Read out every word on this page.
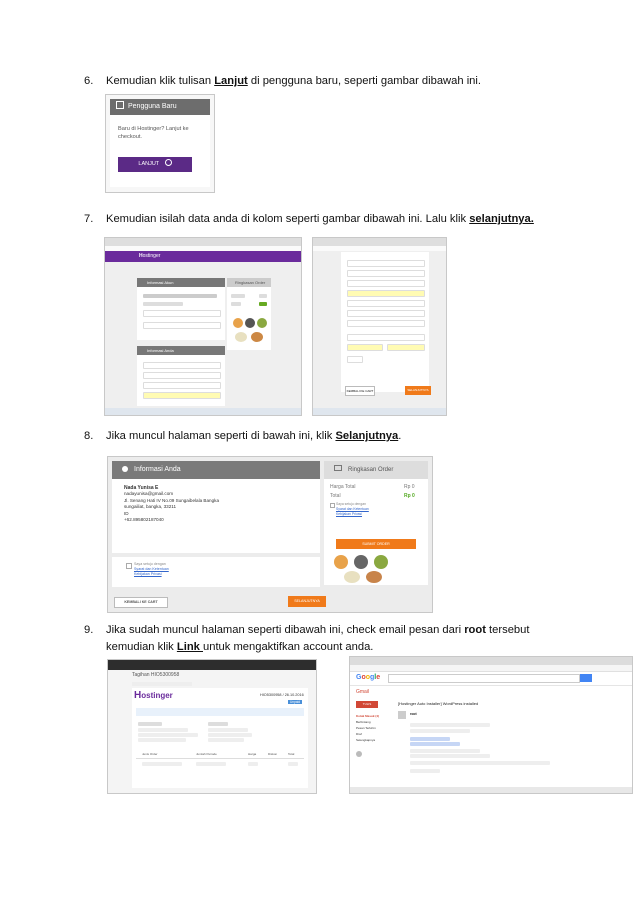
6.	Kemudian klik tulisan Lanjut di pengguna baru, seperti gambar dibawah ini.
Pengguna Baru
Baru di Hostinger? Lanjut ke
checkout.
LANJUT
7.	Kemudian isilah data anda di kolom seperti gambar dibawah ini. Lalu klik selanjutnya.
Hostinger
Informasi Akun	Ringkasan Order
Informasi Anda
KEMBALI KE CART	SELANJUTNYA
8.	Jika muncul halaman seperti di bawah ini, klik Selanjutnya.
Informasi Anda
Nada Yunisa E
nadayunisa@gmail.com
Jl. Senang Hati IV No.09 Sungaibelala Bangka
sungailiat, bangka, 33211
ID
+62.895802187040
Saya setuju dengan
Syarat dan Ketentuan
Kebijakan Privasi
Ringkasan Order
Harga Total	Rp 0
Total	Rp 0
Saya setuju dengan
Syarat dan Ketentuan
Kebijakan Privasi
SUBMIT ORDER
KEMBALI KE CART	SELANJUTNYA
9.	Jika sudah muncul halaman seperti dibawah ini, check email pesan dari root tersebut
kemudian klik Link untuk mengaktifkan account anda.
Tagihan HIO5300958
Hostinger	HIO5300958 / 26.10.2016
Unpaid
Jenis Order	Jumlah Periode	Harga	Diskon	Total
Google
Gmail
TULIS
Kotak Masuk (4)
Berbintang
Pesan Terkirim
Draf
Selengkapnya
[Hostinger Auto Installer] WordPress installed
root
